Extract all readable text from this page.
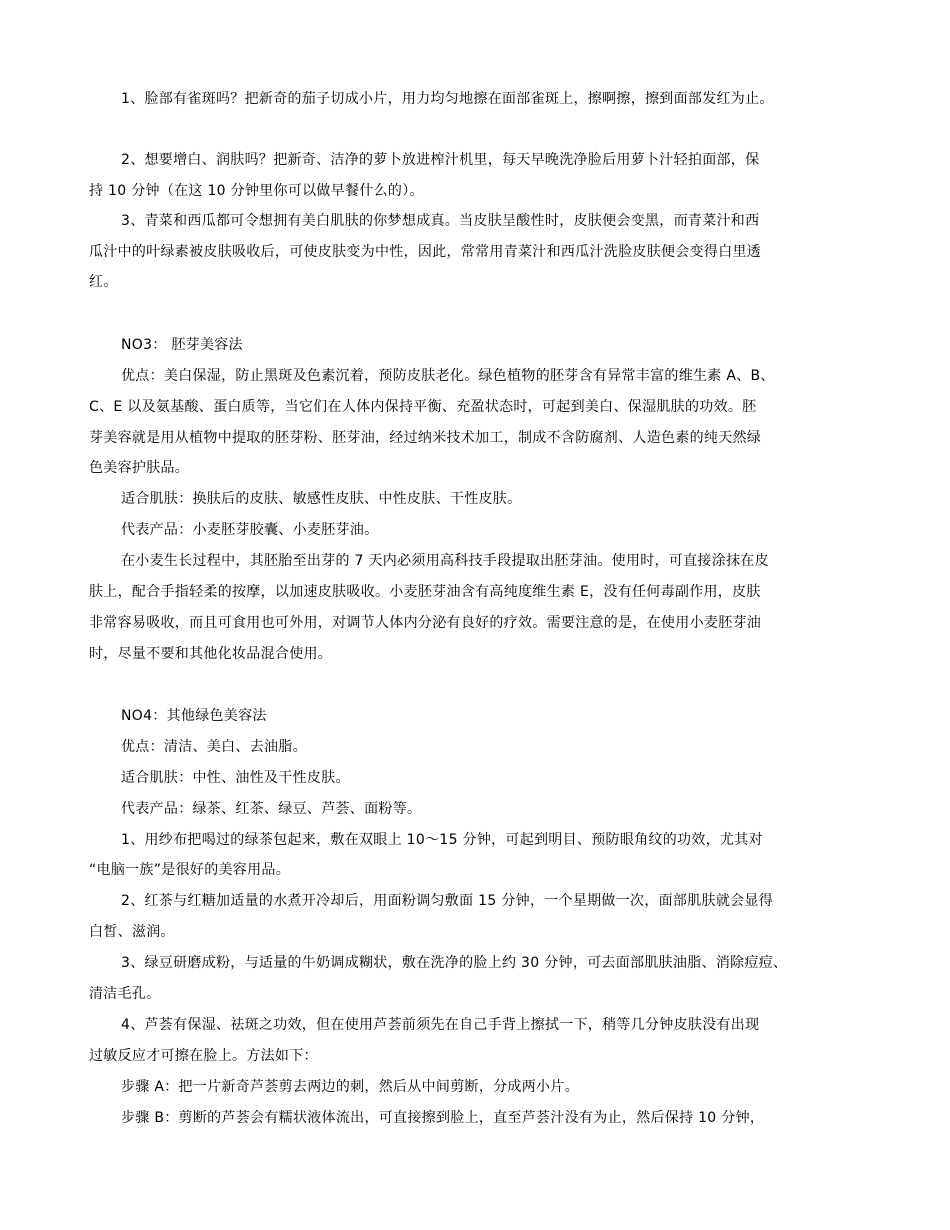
1、脸部有雀斑吗？把新奇的茄子切成小片，用力均匀地擦在面部雀斑上，擦啊擦，擦到面部发红为止。
2、想要增白、润肤吗？把新奇、洁净的萝卜放进榨汁机里，每天早晚洗净脸后用萝卜汁轻拍面部，保
持 10 分钟（在这 10 分钟里你可以做早餐什么的）。
3、青菜和西瓜都可令想拥有美白肌肤的你梦想成真。当皮肤呈酸性时，皮肤便会变黑，而青菜汁和西
瓜汁中的叶绿素被皮肤吸收后，可使皮肤变为中性，因此，常常用青菜汁和西瓜汁洗脸皮肤便会变得白里透
红。
NO3： 胚芽美容法
优点：美白保湿，防止黑斑及色素沉着，预防皮肤老化。绿色植物的胚芽含有异常丰富的维生素 A、B、
C、E 以及氨基酸、蛋白质等，当它们在人体内保持平衡、充盈状态时，可起到美白、保湿肌肤的功效。胚
芽美容就是用从植物中提取的胚芽粉、胚芽油，经过纳米技术加工，制成不含防腐剂、人造色素的纯天然绿
色美容护肤品。
适合肌肤：换肤后的皮肤、敏感性皮肤、中性皮肤、干性皮肤。
代表产品：小麦胚芽胶囊、小麦胚芽油。
在小麦生长过程中，其胚胎至出芽的 7 天内必须用高科技手段提取出胚芽油。使用时，可直接涂抹在皮
肤上，配合手指轻柔的按摩，以加速皮肤吸收。小麦胚芽油含有高纯度维生素 E，没有任何毒副作用，皮肤
非常容易吸收，而且可食用也可外用，对调节人体内分泌有良好的疗效。需要注意的是，在使用小麦胚芽油
时，尽量不要和其他化妆品混合使用。
NO4：其他绿色美容法
优点：清洁、美白、去油脂。
适合肌肤：中性、油性及干性皮肤。
代表产品：绿茶、红茶、绿豆、芦荟、面粉等。
1、用纱布把喝过的绿茶包起来，敷在双眼上 10～15 分钟，可起到明目、预防眼角纹的功效，尤其对
“电脑一族”是很好的美容用品。
2、红茶与红糖加适量的水煮开冷却后，用面粉调匀敷面 15 分钟，一个星期做一次，面部肌肤就会显得
白皙、滋润。
3、绿豆研磨成粉，与适量的牛奶调成糊状，敷在洗净的脸上约 30 分钟，可去面部肌肤油脂、消除痘痘、
清洁毛孔。
4、芦荟有保湿、祛斑之功效，但在使用芦荟前须先在自己手背上擦拭一下，稍等几分钟皮肤没有出现
过敏反应才可擦在脸上。方法如下：
步骤 A：把一片新奇芦荟剪去两边的刺，然后从中间剪断，分成两小片。
步骤 B：剪断的芦荟会有糯状液体流出，可直接擦到脸上，直至芦荟汁没有为止，然后保持 10 分钟，
